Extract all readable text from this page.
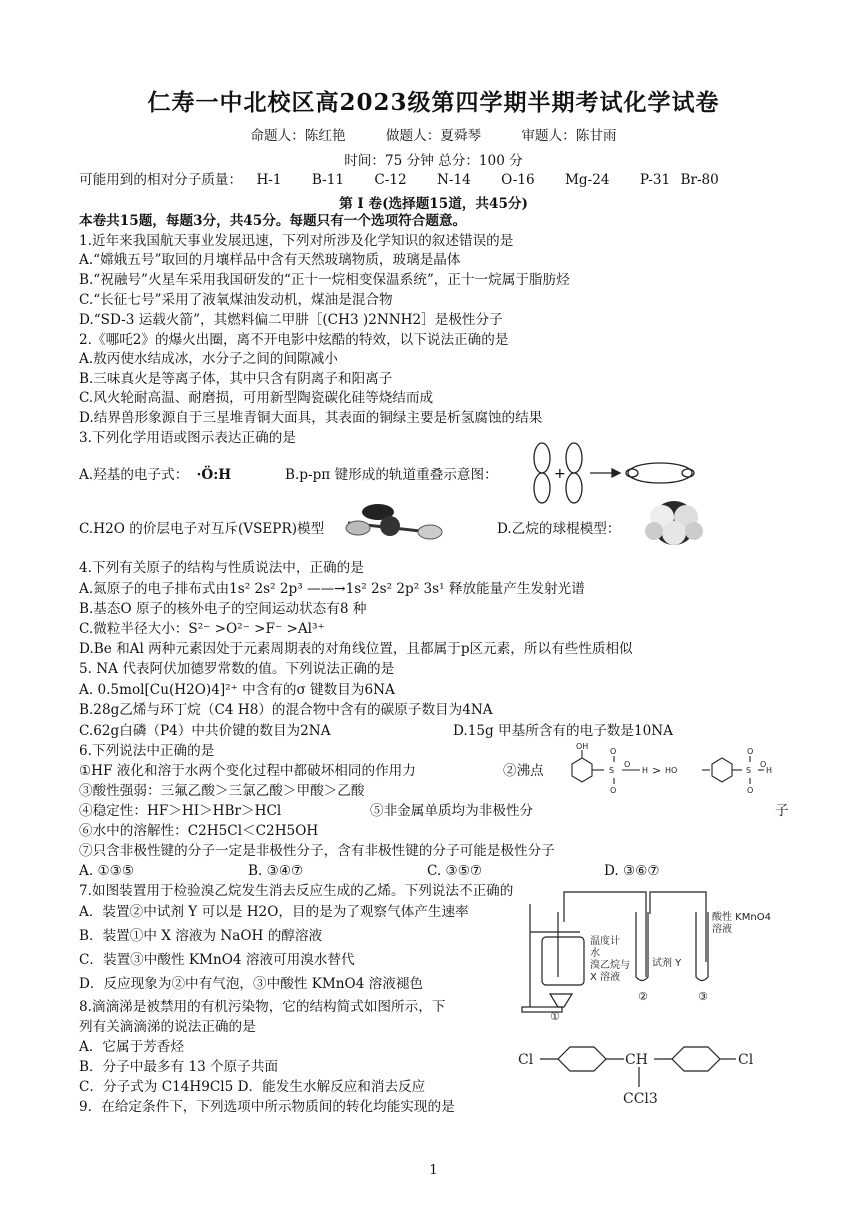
仁寿一中北校区高2023级第四学期半期考试化学试卷
命题人：陈红艳	做题人：夏舜琴	审题人：陈甘雨
时间：75 分钟 总分：100 分
可能用到的相对分子质量： H-1 B-11 C-12 N-14 O-16 Mg-24 P-31 Br-80
第 I 卷(选择题15道，共45分)
本卷共15题，每题3分，共45分。每题只有一个选项符合题意。
1.近年来我国航天事业发展迅速，下列对所涉及化学知识的叙述错误的是
A.“嫦娥五号”取回的月壤样品中含有天然玻璃物质，玻璃是晶体
B.“祝融号”火星车采用我国研发的“正十一烷相变保温系统”，正十一烷属于脂肪烃
C.“长征七号”采用了液氧煤油发动机，煤油是混合物
D.“SD-3 运载火箭”，其燃料偏二甲肼［(CH3 )2NNH2］是极性分子
2.《哪吒2》的爆火出圈，离不开电影中炫酷的特效，以下说法正确的是
A.敖丙使水结成冰，水分子之间的间隙减小
B.三味真火是等离子体，其中只含有阴离子和阳离子
C.风火轮耐高温、耐磨损，可用新型陶瓷碳化硅等烧结而成
D.结界兽形象源自于三星堆青铜大面具，其表面的铜绿主要是析氢腐蚀的结果
3.下列化学用语或图示表达正确的是
A.羟基的电子式： ·Ö:H	B.p-pπ 键形成的轨道重叠示意图：	+
C.H2O 的价层电子对互斥(VSEPR)模型	D.乙烷的球棍模型：
4.下列有关原子的结构与性质说法中，正确的是
A.氮原子的电子排布式由1s² 2s² 2p³ ——→1s² 2s² 2p² 3s¹ 释放能量产生发射光谱
B.基态O 原子的核外电子的空间运动状态有8 种
C.微粒半径大小：S²⁻ >O²⁻ >F⁻ >Al³⁺
D.Be 和Al 两种元素因处于元素周期表的对角线位置，且都属于p区元素，所以有些性质相似
5. NA 代表阿伏加德罗常数的值。下列说法正确的是
A. 0.5mol[Cu(H2O)4]²⁺ 中含有的σ 键数目为6NA
B.28g乙烯与环丁烷（C4 H8）的混合物中含有的碳原子数目为4NA
C.62g白磷（P4）中共价键的数目为2NA	D.15g 甲基所含有的电子数是10NA
6.下列说法中正确的是
①HF 液化和溶于水两个变化过程中都破坏相同的作用力	②沸点
OH
S
O
O
O
H > HO	S
O
O
O
H
③酸性强弱：三氟乙酸＞三氯乙酸＞甲酸＞乙酸
④稳定性：HF＞HI＞HBr＞HCl	⑤非金属单质均为非极性分	子
⑥水中的溶解性：C2H5Cl＜C2H5OH
⑦只含非极性键的分子一定是非极性分子，含有非极性键的分子可能是极性分子
A. ①③⑤	B. ③④⑦	C. ③⑤⑦	D. ③⑥⑦
7.如图装置用于检验溴乙烷发生消去反应生成的乙烯。下列说法不正确的
A．装置②中试剂 Y 可以是 H2O，目的是为了观察气体产生速率
B．装置①中 X 溶液为 NaOH 的醇溶液
C．装置③中酸性 KMnO4 溶液可用溴水替代
D．反应现象为②中有气泡，③中酸性 KMnO4 溶液褪色
温度计
水
溴乙烷与
X 溶液
试剂 Y
酸性 KMnO4
溶液
①
②	③
8.滴滴涕是被禁用的有机污染物，它的结构简式如图所示，下
列有关滴滴涕的说法正确的是
A．它属于芳香烃
B．分子中最多有 13 个原子共面
C．分子式为 C14H9Cl5 D．能发生水解反应和消去反应
Cl	CH	Cl
CCl3
9．在给定条件下，下列选项中所示物质间的转化均能实现的是
1
